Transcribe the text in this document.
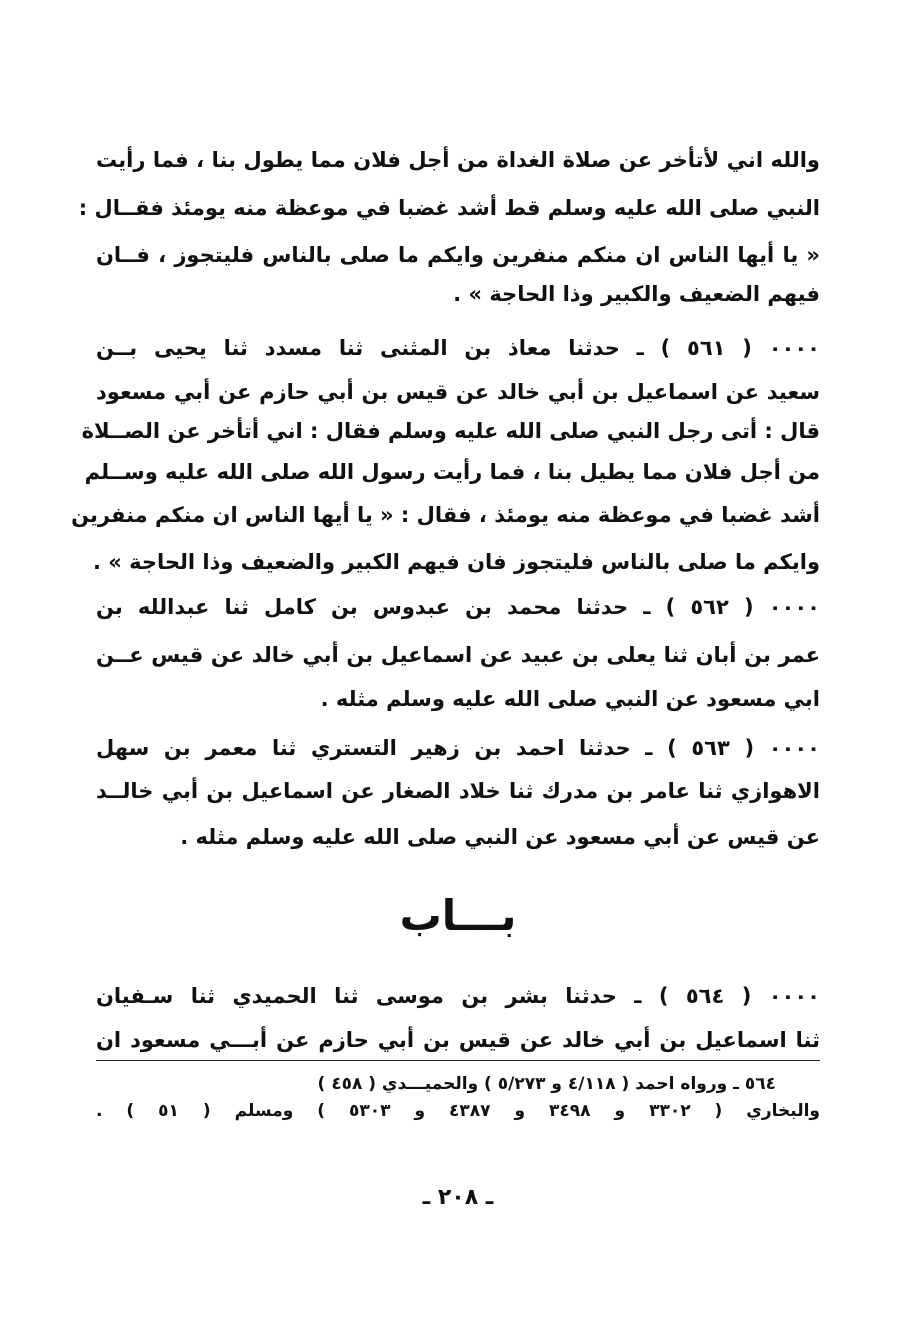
والله اني لأتأخر عن صلاة الغداة من أجل فلان مما يطول بنا ، فما رأيت
النبي صلى الله عليه وسلم قط أشد غضبا في موعظة منه يومئذ فقــال :
« يا أيها الناس ان منكم منفرين وايكم ما صلى بالناس فليتجوز ، فــان
فيهم الضعيف والكبير وذا الحاجة » .
٠٠٠٠ ( ٥٦١ ) ـ حدثنا معاذ بن المثنى ثنا مسدد ثنا يحيى بــن
سعيد عن اسماعيل بن أبي خالد عن قيس بن أبي حازم عن أبي مسعود
قال : أتى رجل النبي صلى الله عليه وسلم فقال : اني أتأخر عن الصــلاة
من أجل فلان مما يطيل بنا ، فما رأيت رسول الله صلى الله عليه وســلم
أشد غضبا في موعظة منه يومئذ ، فقال : « يا أيها الناس ان منكم منفرين
وايكم ما صلى بالناس فليتجوز فان فيهم الكبير والضعيف وذا الحاجة » .
٠٠٠٠ ( ٥٦٢ ) ـ حدثنا محمد بن عبدوس بن كامل ثنا عبدالله بن
عمر بن أبان ثنا يعلى بن عبيد عن اسماعيل بن أبي خالد عن قيس عــن
ابي مسعود عن النبي صلى الله عليه وسلم مثله .
٠٠٠٠ ( ٥٦٣ ) ـ حدثنا احمد بن زهير التستري ثنا معمر بن سهل
الاهوازي ثنا عامر بن مدرك ثنا خلاد الصغار عن اسماعيل بن أبي خالــد
عن قيس عن أبي مسعود عن النبي صلى الله عليه وسلم مثله .
بـــاب
٠٠٠٠ ( ٥٦٤ ) ـ حدثنا بشر بن موسى ثنا الحميدي ثنا سـفيان
ثنا اسماعيل بن أبي خالد عن قيس بن أبي حازم عن أبـــي مسعود ان
٥٦٤ ـ ورواه احمد ( ٤/١١٨ و ٥/٢٧٣ ) والحميـــدي ( ٤٥٨ )
والبخاري ( ٣٣٠٢ و ٣٤٩٨ و ٤٣٨٧ و ٥٣٠٣ ) ومسلم ( ٥١ ) .
ـ ٢٠٨ ـ
